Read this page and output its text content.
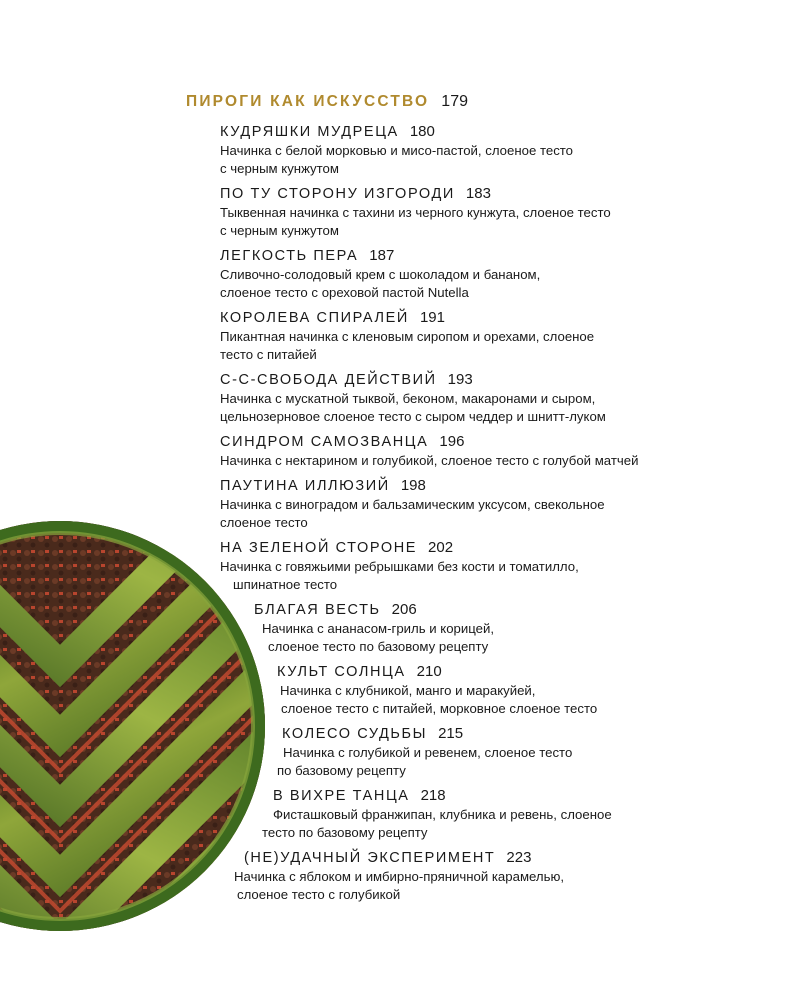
ПИРОГИ КАК ИСКУССТВО 179
КУДРЯШКИ МУДРЕЦА 180
Начинка с белой морковью и мисо-пастой, слоеное тесто
с черным кунжутом
ПО ТУ СТОРОНУ ИЗГОРОДИ 183
Тыквенная начинка с тахини из черного кунжута, слоеное тесто
с черным кунжутом
ЛЕГКОСТЬ ПЕРА 187
Сливочно-солодовый крем с шоколадом и бананом,
слоеное тесто с ореховой пастой Nutella
КОРОЛЕВА СПИРАЛЕЙ 191
Пикантная начинка с кленовым сиропом и орехами, слоеное
тесто с питайей
С-С-СВОБОДА ДЕЙСТВИЙ 193
Начинка с мускатной тыквой, беконом, макаронами и сыром,
цельнозерновое слоеное тесто с сыром чеддер и шнитт-луком
СИНДРОМ САМОЗВАНЦА 196
Начинка с нектарином и голубикой, слоеное тесто с голубой матчей
ПАУТИНА ИЛЛЮЗИЙ 198
Начинка с виноградом и бальзамическим уксусом, свекольное
слоеное тесто
НА ЗЕЛЕНОЙ СТОРОНЕ 202
Начинка с говяжьими ребрышками без кости и томатилло,
шпинатное тесто
БЛАГАЯ ВЕСТЬ 206
Начинка с ананасом-гриль и корицей,
слоеное тесто по базовому рецепту
КУЛЬТ СОЛНЦА 210
Начинка с клубникой, манго и маракуйей,
слоеное тесто с питайей, морковное слоеное тесто
КОЛЕСО СУДЬБЫ 215
Начинка с голубикой и ревенем, слоеное тесто
по базовому рецепту
В ВИХРЕ ТАНЦА 218
Фисташковый франжипан, клубника и ревень, слоеное
тесто по базовому рецепту
(НЕ)УДАЧНЫЙ ЭКСПЕРИМЕНТ 223
Начинка с яблоком и имбирно-пряничной карамелью,
слоеное тесто с голубикой
